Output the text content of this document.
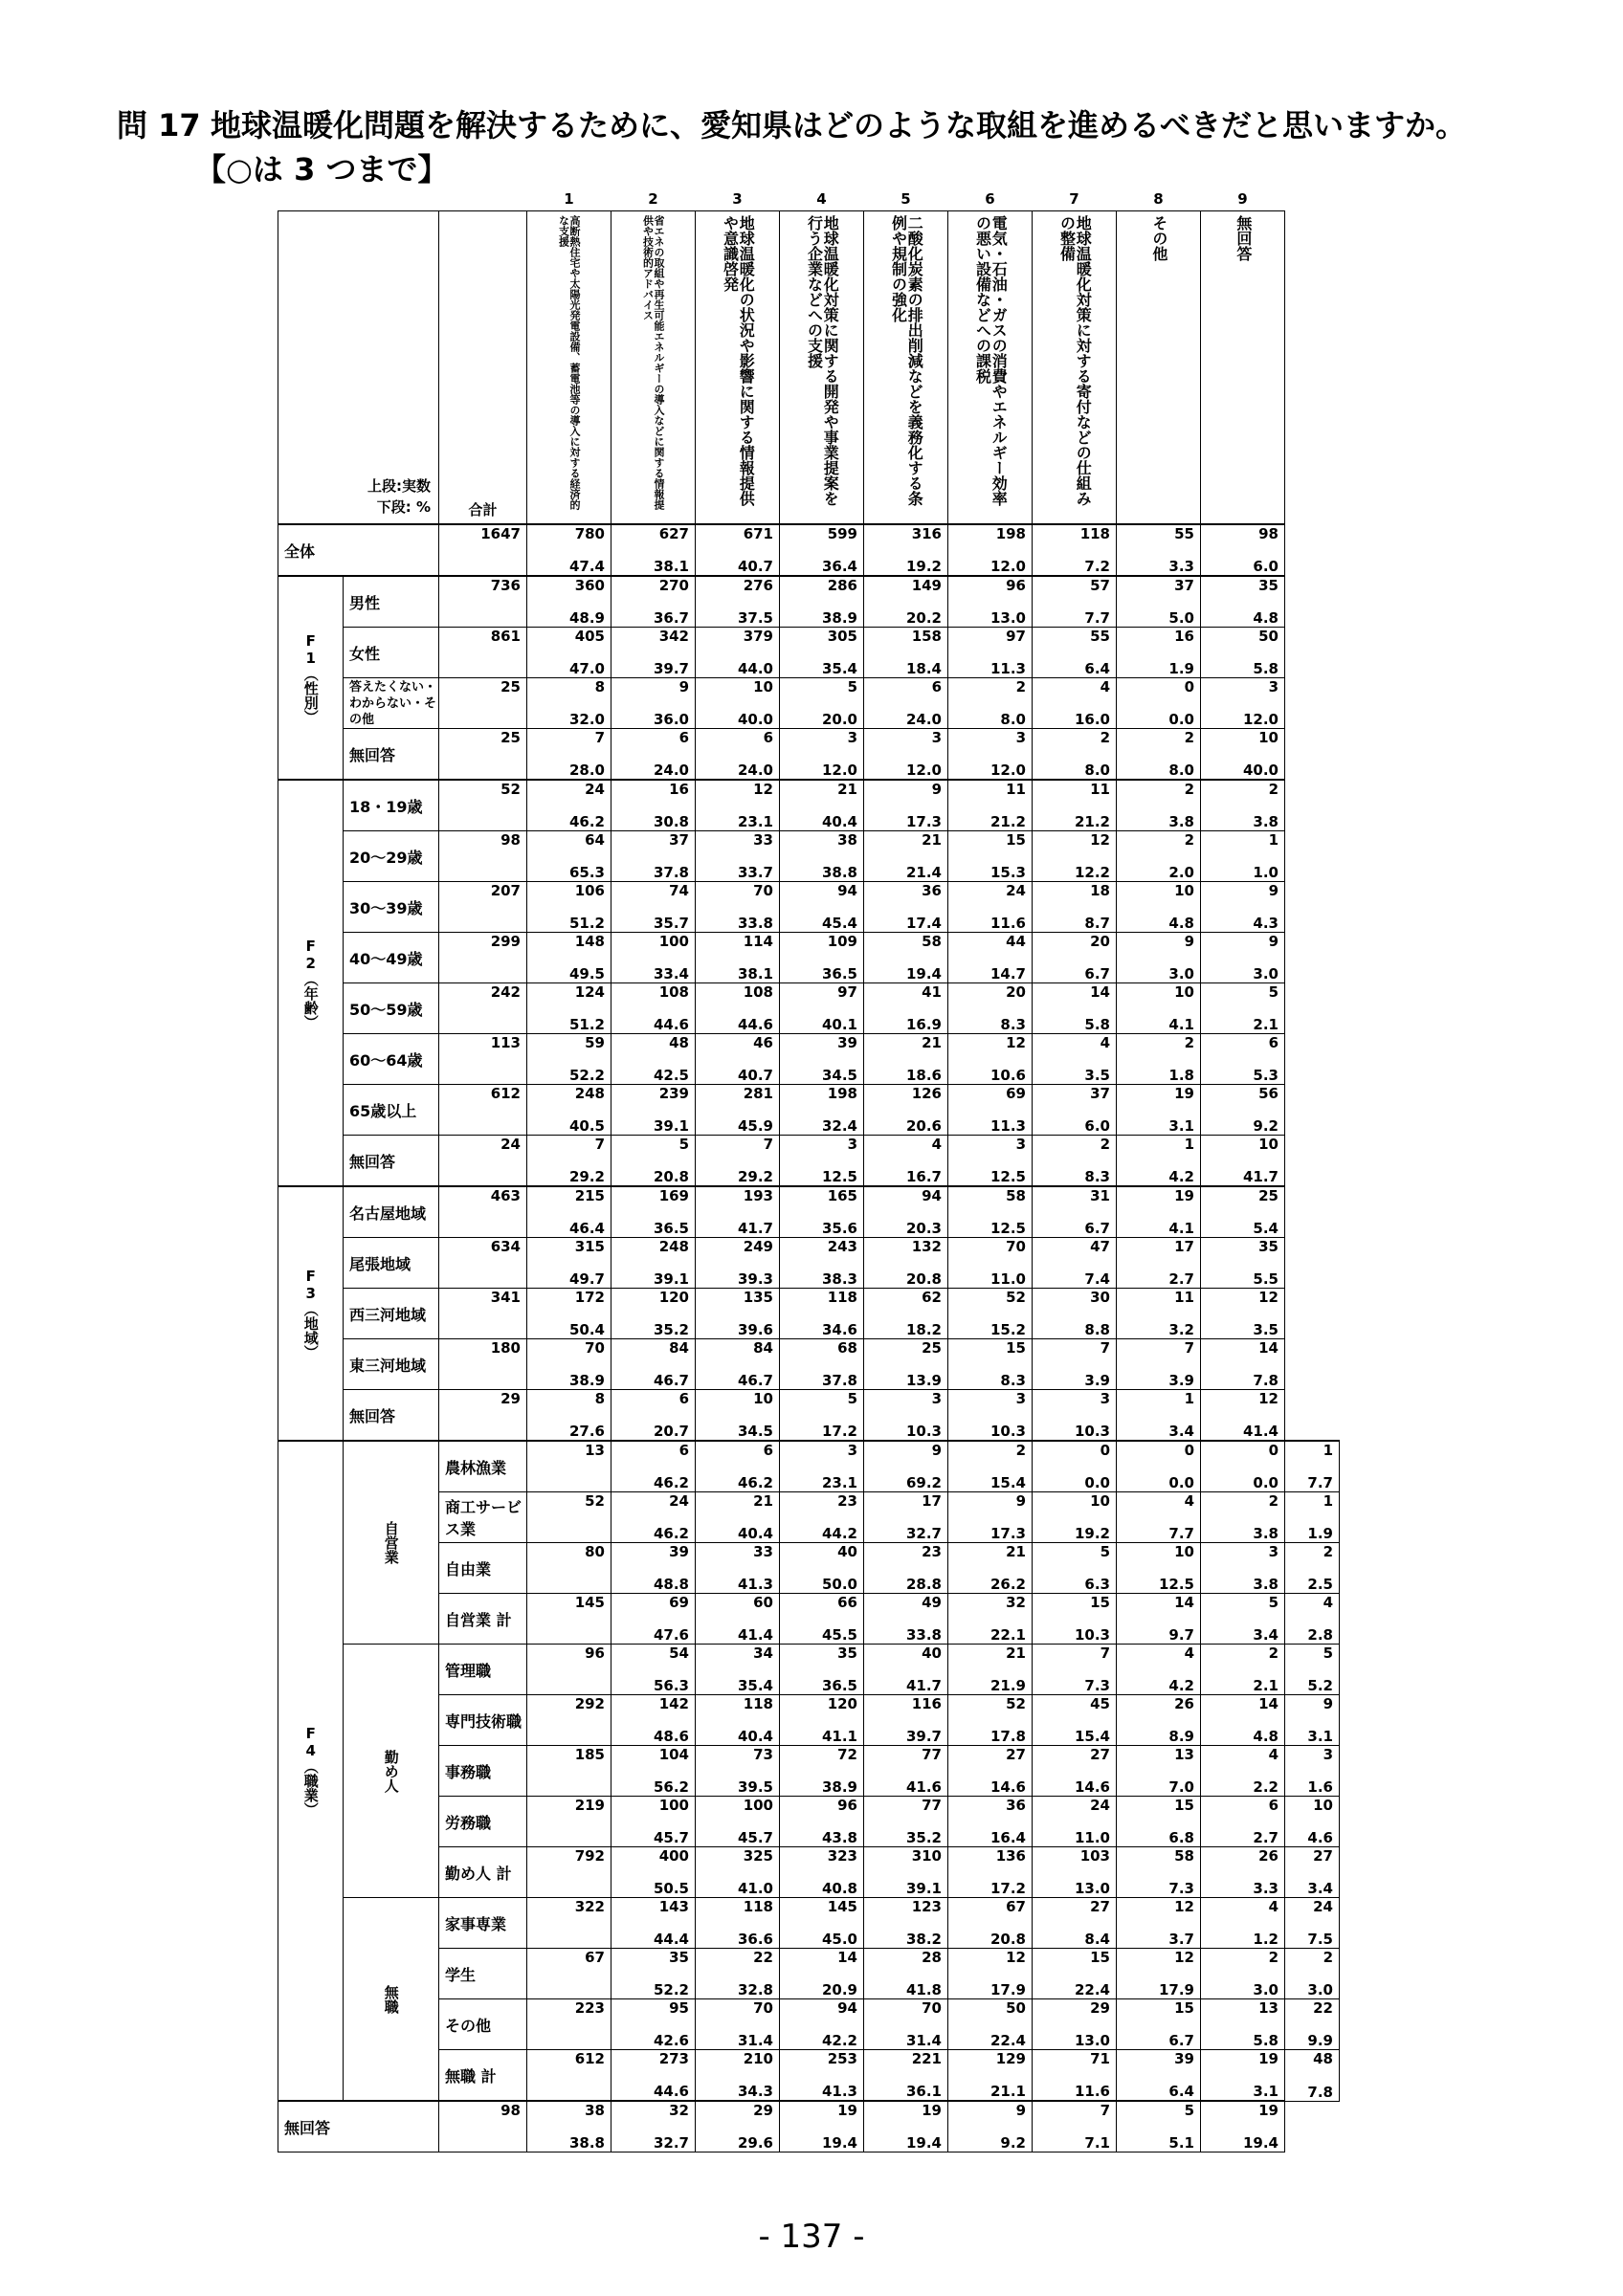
問 17 地球温暖化問題を解決するために、愛知県はどのような取組を進めるべきだと思いますか。
【○は 3 つまで】
			1	2	3	4	5	6	7	8	9	

上段:実数
下段: %		合計	高断熱住宅や太陽光発電設備、蓄電池等の導入に対する経済的な支援	省エネの取組や再生可能エネルギーの導入などに関する情報提供や技術的アドバイス	地球温暖化の状況や影響に関する情報提供や意識啓発	地球温暖化対策に関する開発や事業提案を行う企業などへの支援	二酸化炭素の排出削減などを義務化する条例や規制の強化	電気・石油・ガスの消費やエネルギー効率の悪い設備などへの課税	地球温暖化対策に対する寄付などの仕組みの整備	その他	無回答	

全体		1647	780	627	671	599	316	198	118	55	98	
			47.4	38.1	40.7	36.4	19.2	12.0	7.2	3.3	6.0	

F1（性別）	男性	736	360	270	276	286	149	96	57	37	35	
			48.9	36.7	37.5	38.9	20.2	13.0	7.7	5.0	4.8	
	女性	861	405	342	379	305	158	97	55	16	50	
			47.0	39.7	44.0	35.4	18.4	11.3	6.4	1.9	5.8	
	答えたくない・わからない・その他	25	8	9	10	5	6	2	4	0	3	
			32.0	36.0	40.0	20.0	24.0	8.0	16.0	0.0	12.0	
	無回答	25	7	6	6	3	3	3	2	2	10	
			28.0	24.0	24.0	12.0	12.0	12.0	8.0	8.0	40.0	

F2（年齢）	18・19歳	52	24	16	12	21	9	11	11	2	2	
			46.2	30.8	23.1	40.4	17.3	21.2	21.2	3.8	3.8	
	20～29歳	98	64	37	33	38	21	15	12	2	1	
			65.3	37.8	33.7	38.8	21.4	15.3	12.2	2.0	1.0	
	30～39歳	207	106	74	70	94	36	24	18	10	9	
			51.2	35.7	33.8	45.4	17.4	11.6	8.7	4.8	4.3	
	40～49歳	299	148	100	114	109	58	44	20	9	9	
			49.5	33.4	38.1	36.5	19.4	14.7	6.7	3.0	3.0	
	50～59歳	242	124	108	108	97	41	20	14	10	5	
			51.2	44.6	44.6	40.1	16.9	8.3	5.8	4.1	2.1	
	60～64歳	113	59	48	46	39	21	12	4	2	6	
			52.2	42.5	40.7	34.5	18.6	10.6	3.5	1.8	5.3	
	65歳以上	612	248	239	281	198	126	69	37	19	56	
			40.5	39.1	45.9	32.4	20.6	11.3	6.0	3.1	9.2	
	無回答	24	7	5	7	3	4	3	2	1	10	
			29.2	20.8	29.2	12.5	16.7	12.5	8.3	4.2	41.7	

F3（地域）	名古屋地域	463	215	169	193	165	94	58	31	19	25	
			46.4	36.5	41.7	35.6	20.3	12.5	6.7	4.1	5.4	
	尾張地域	634	315	248	249	243	132	70	47	17	35	
			49.7	39.1	39.3	38.3	20.8	11.0	7.4	2.7	5.5	
	西三河地域	341	172	120	135	118	62	52	30	11	12	
			50.4	35.2	39.6	34.6	18.2	15.2	8.8	3.2	3.5	
	東三河地域	180	70	84	84	68	25	15	7	7	14	
			38.9	46.7	46.7	37.8	13.9	8.3	3.9	3.9	7.8	
	無回答	29	8	6	10	5	3	3	3	1	12	
			27.6	20.7	34.5	17.2	10.3	10.3	10.3	3.4	41.4	

F4（職業）	自営業	農林漁業	13	6	6	3	9	2	0	0	0	1
				46.2	46.2	23.1	69.2	15.4	0.0	0.0	0.0	7.7
		商工サービス業	52	24	21	23	17	9	10	4	2	1
				46.2	40.4	44.2	32.7	17.3	19.2	7.7	3.8	1.9
		自由業	80	39	33	40	23	21	5	10	3	2
				48.8	41.3	50.0	28.8	26.2	6.3	12.5	3.8	2.5
		自営業 計	145	69	60	66	49	32	15	14	5	4
				47.6	41.4	45.5	33.8	22.1	10.3	9.7	3.4	2.8

	勤め人	管理職	96	54	34	35	40	21	7	4	2	5
				56.3	35.4	36.5	41.7	21.9	7.3	4.2	2.1	5.2
		専門技術職	292	142	118	120	116	52	45	26	14	9
				48.6	40.4	41.1	39.7	17.8	15.4	8.9	4.8	3.1
		事務職	185	104	73	72	77	27	27	13	4	3
				56.2	39.5	38.9	41.6	14.6	14.6	7.0	2.2	1.6
		労務職	219	100	100	96	77	36	24	15	6	10
				45.7	45.7	43.8	35.2	16.4	11.0	6.8	2.7	4.6
		勤め人 計	792	400	325	323	310	136	103	58	26	27
				50.5	41.0	40.8	39.1	17.2	13.0	7.3	3.3	3.4

	無職	家事専業	322	143	118	145	123	67	27	12	4	24
				44.4	36.6	45.0	38.2	20.8	8.4	3.7	1.2	7.5
		学生	67	35	22	14	28	12	15	12	2	2
				52.2	32.8	20.9	41.8	17.9	22.4	17.9	3.0	3.0
		その他	223	95	70	94	70	50	29	15	13	22
				42.6	31.4	42.2	31.4	22.4	13.0	6.7	5.8	9.9
		無職 計	612	273	210	253	221	129	71	39	19	48
				44.6	34.3	41.3	36.1	21.1	11.6	6.4	3.1	7.8
無回答		98	38	32	29	19	19	9	7	5	19	
			38.8	32.7	29.6	19.4	19.4	9.2	7.1	5.1	19.4	
- 137 -
